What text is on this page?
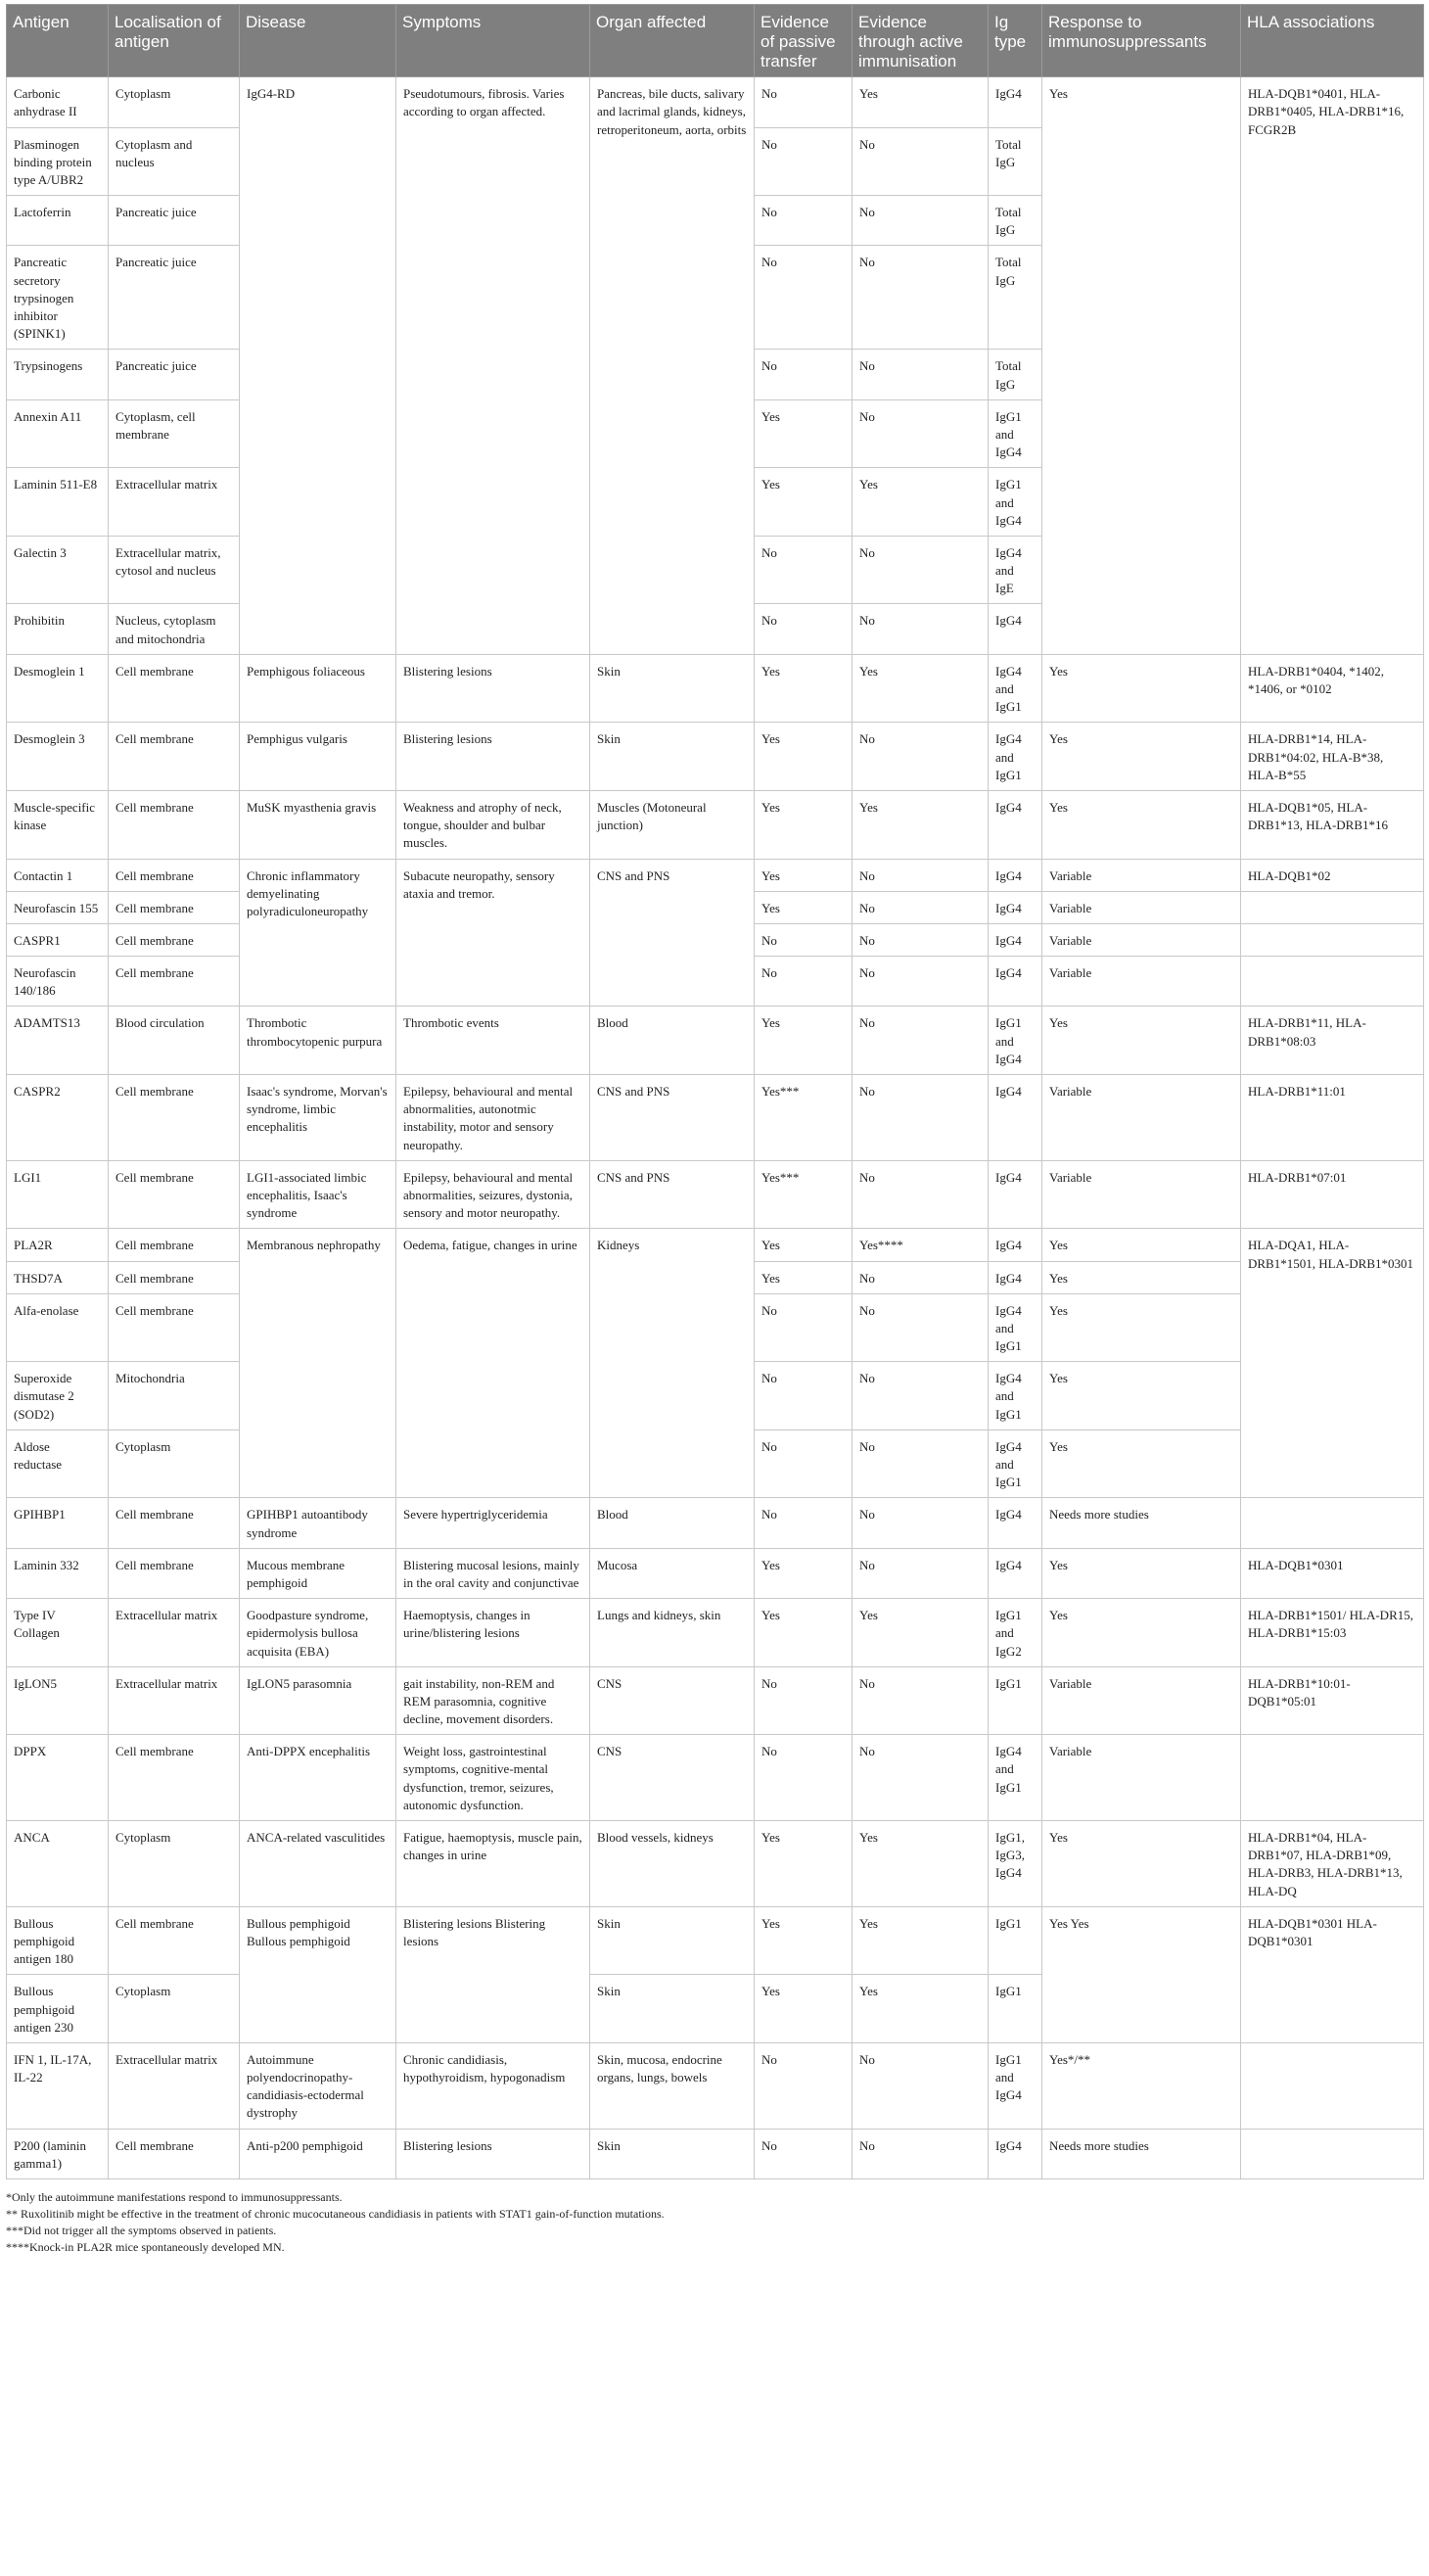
Antigen	Localisation of antigen	Disease	Symptoms	Organ affected	Evidence of passive transfer	Evidence through active immunisation	Ig type	Response to immunosuppressants	HLA associations
Carbonic anhydrase II	Cytoplasm	IgG4-RD	Pseudotumours, fibrosis. Varies according to organ affected.	Pancreas, bile ducts, salivary and lacrimal glands, kidneys, retroperitoneum, aorta, orbits	No	Yes	IgG4	Yes	HLA-DQB1*0401, HLA-DRB1*0405, HLA-DRB1*16, FCGR2B
Plasminogen binding protein type A/UBR2	Cytoplasm and nucleus				No	No	Total IgG		
Lactoferrin	Pancreatic juice				No	No	Total IgG		
Pancreatic secretory trypsinogen inhibitor (SPINK1)	Pancreatic juice				No	No	Total IgG		
Trypsinogens	Pancreatic juice				No	No	Total IgG		
Annexin A11	Cytoplasm, cell membrane				Yes	No	IgG1 and IgG4		
Laminin 511-E8	Extracellular matrix				Yes	Yes	IgG1 and IgG4		
Galectin 3	Extracellular matrix, cytosol and nucleus				No	No	IgG4 and IgE		
Prohibitin	Nucleus, cytoplasm and mitochondria				No	No	IgG4		
Desmoglein 1	Cell membrane	Pemphigous foliaceous	Blistering lesions	Skin	Yes	Yes	IgG4 and IgG1	Yes	HLA-DRB1*0404, *1402, *1406, or *0102
Desmoglein 3	Cell membrane	Pemphigus vulgaris	Blistering lesions	Skin	Yes	No	IgG4 and IgG1	Yes	HLA-DRB1*14, HLA-DRB1*04:02, HLA-B*38, HLA-B*55
Muscle-specific kinase	Cell membrane	MuSK myasthenia gravis	Weakness and atrophy of neck, tongue, shoulder and bulbar muscles.	Muscles (Motoneural junction)	Yes	Yes	IgG4	Yes	HLA-DQB1*05, HLA-DRB1*13, HLA-DRB1*16
Contactin 1	Cell membrane	Chronic inflammatory demyelinating polyradiculoneuropathy	Subacute neuropathy, sensory ataxia and tremor.	CNS and PNS	Yes	No	IgG4	Variable	HLA-DQB1*02
Neurofascin 155	Cell membrane				Yes	No	IgG4	Variable	
CASPR1	Cell membrane				No	No	IgG4	Variable	
Neurofascin 140/186	Cell membrane				No	No	IgG4	Variable	
ADAMTS13	Blood circulation	Thrombotic thrombocytopenic purpura	Thrombotic events	Blood	Yes	No	IgG1 and IgG4	Yes	HLA-DRB1*11, HLA-DRB1*08:03
CASPR2	Cell membrane	Isaac's syndrome, Morvan's syndrome, limbic encephalitis	Epilepsy, behavioural and mental abnormalities, autonotmic instability, motor and sensory neuropathy.	CNS and PNS	Yes***	No	IgG4	Variable	HLA-DRB1*11:01
LGI1	Cell membrane	LGI1-associated limbic encephalitis, Isaac's syndrome	Epilepsy, behavioural and mental abnormalities, seizures, dystonia, sensory and motor neuropathy.	CNS and PNS	Yes***	No	IgG4	Variable	HLA-DRB1*07:01
PLA2R	Cell membrane	Membranous nephropathy	Oedema, fatigue, changes in urine	Kidneys	Yes	Yes****	IgG4	Yes	HLA-DQA1, HLA-DRB1*1501, HLA-DRB1*0301
THSD7A	Cell membrane				Yes	No	IgG4	Yes	
Alfa-enolase	Cell membrane				No	No	IgG4 and IgG1	Yes	
Superoxide dismutase 2 (SOD2)	Mitochondria				No	No	IgG4 and IgG1	Yes	
Aldose reductase	Cytoplasm				No	No	IgG4 and IgG1	Yes	
GPIHBP1	Cell membrane	GPIHBP1 autoantibody syndrome	Severe hypertriglyceridemia	Blood	No	No	IgG4	Needs more studies	
Laminin 332	Cell membrane	Mucous membrane pemphigoid	Blistering mucosal lesions, mainly in the oral cavity and conjunctivae	Mucosa	Yes	No	IgG4	Yes	HLA-DQB1*0301
Type IV Collagen	Extracellular matrix	Goodpasture syndrome, epidermolysis bullosa acquisita (EBA)	Haemoptysis, changes in urine/blistering lesions	Lungs and kidneys, skin	Yes	Yes	IgG1 and IgG2	Yes	HLA-DRB1*1501/ HLA-DR15, HLA-DRB1*15:03
IgLON5	Extracellular matrix	IgLON5 parasomnia	gait instability, non-REM and REM parasomnia, cognitive decline, movement disorders.	CNS	No	No	IgG1	Variable	HLA-DRB1*10:01-DQB1*05:01
DPPX	Cell membrane	Anti-DPPX encephalitis	Weight loss, gastrointestinal symptoms, cognitive-mental dysfunction, tremor, seizures, autonomic dysfunction.	CNS	No	No	IgG4 and IgG1	Variable	
ANCA	Cytoplasm	ANCA-related vasculitides	Fatigue, haemoptysis, muscle pain, changes in urine	Blood vessels, kidneys	Yes	Yes	IgG1, IgG3, IgG4	Yes	HLA-DRB1*04, HLA-DRB1*07, HLA-DRB1*09, HLA-DRB3, HLA-DRB1*13, HLA-DQ
Bullous pemphigoid antigen 180	Cell membrane	Bullous pemphigoid Bullous pemphigoid	Blistering lesions Blistering lesions	Skin	Yes	Yes	IgG1	Yes Yes	HLA-DQB1*0301 HLA-DQB1*0301
Bullous pemphigoid antigen 230	Cytoplasm			Skin	Yes	Yes	IgG1		
IFN 1, IL-17A, IL-22	Extracellular matrix	Autoimmune polyendocrinopathy-candidiasis-ectodermal dystrophy	Chronic candidiasis, hypothyroidism, hypogonadism	Skin, mucosa, endocrine organs, lungs, bowels	No	No	IgG1 and IgG4	Yes*/**	
P200 (laminin gamma1)	Cell membrane	Anti-p200 pemphigoid	Blistering lesions	Skin	No	No	IgG4	Needs more studies	
*Only the autoimmune manifestations respond to immunosuppressants.
** Ruxolitinib might be effective in the treatment of chronic mucocutaneous candidiasis in patients with STAT1 gain-of-function mutations.
***Did not trigger all the symptoms observed in patients.
****Knock-in PLA2R mice spontaneously developed MN.
